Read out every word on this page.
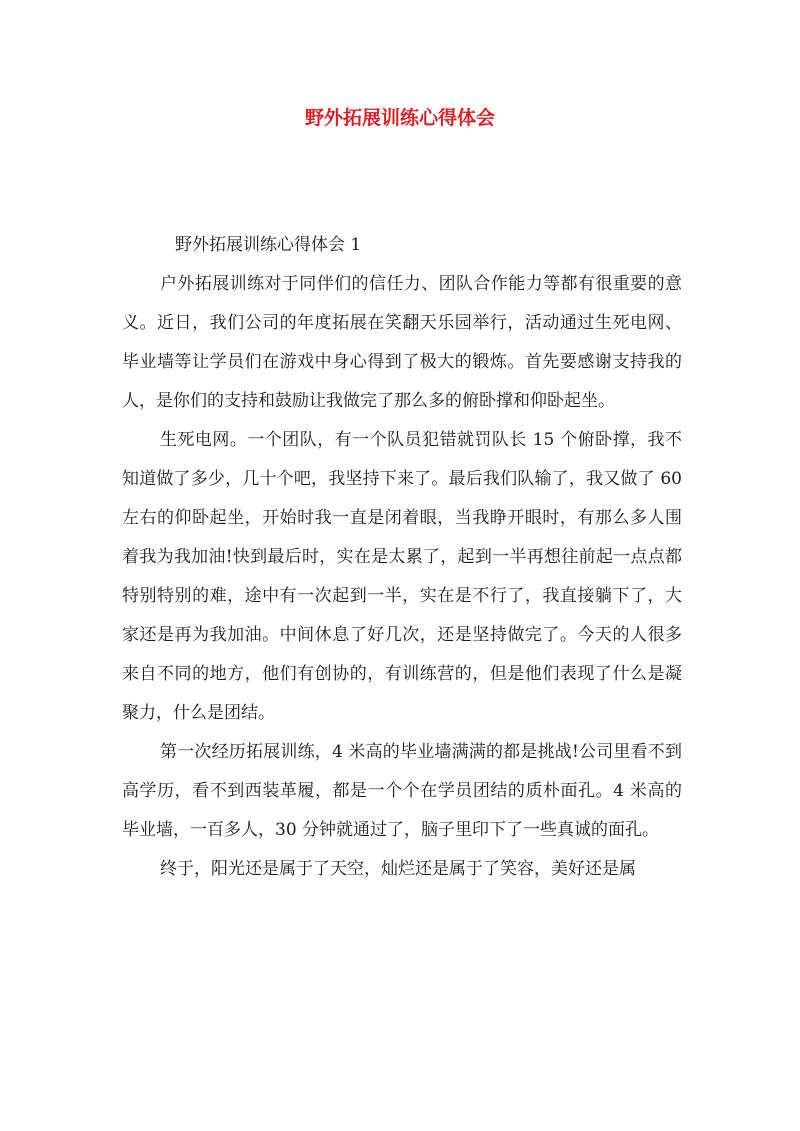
野外拓展训练心得体会

野外拓展训练心得体会 1

户外拓展训练对于同伴们的信任力、团队合作能力等都有很重要的意义。近日，我们公司的年度拓展在笑翻天乐园举行，活动通过生死电网、毕业墙等让学员们在游戏中身心得到了极大的锻炼。首先要感谢支持我的人，是你们的支持和鼓励让我做完了那么多的俯卧撑和仰卧起坐。

生死电网。一个团队，有一个队员犯错就罚队长 15 个俯卧撑，我不知道做了多少，几十个吧，我坚持下来了。最后我们队输了，我又做了 60 左右的仰卧起坐，开始时我一直是闭着眼，当我睁开眼时，有那么多人围着我为我加油!快到最后时，实在是太累了，起到一半再想往前起一点点都特别特别的难，途中有一次起到一半，实在是不行了，我直接躺下了，大家还是再为我加油。中间休息了好几次，还是坚持做完了。今天的人很多来自不同的地方，他们有创协的，有训练营的，但是他们表现了什么是凝聚力，什么是团结。

第一次经历拓展训练，4 米高的毕业墙满满的都是挑战!公司里看不到高学历，看不到西装革履，都是一个个在学员团结的质朴面孔。4 米高的毕业墙，一百多人，30 分钟就通过了，脑子里印下了一些真诚的面孔。

终于，阳光还是属于了天空，灿烂还是属于了笑容，美好还是属
